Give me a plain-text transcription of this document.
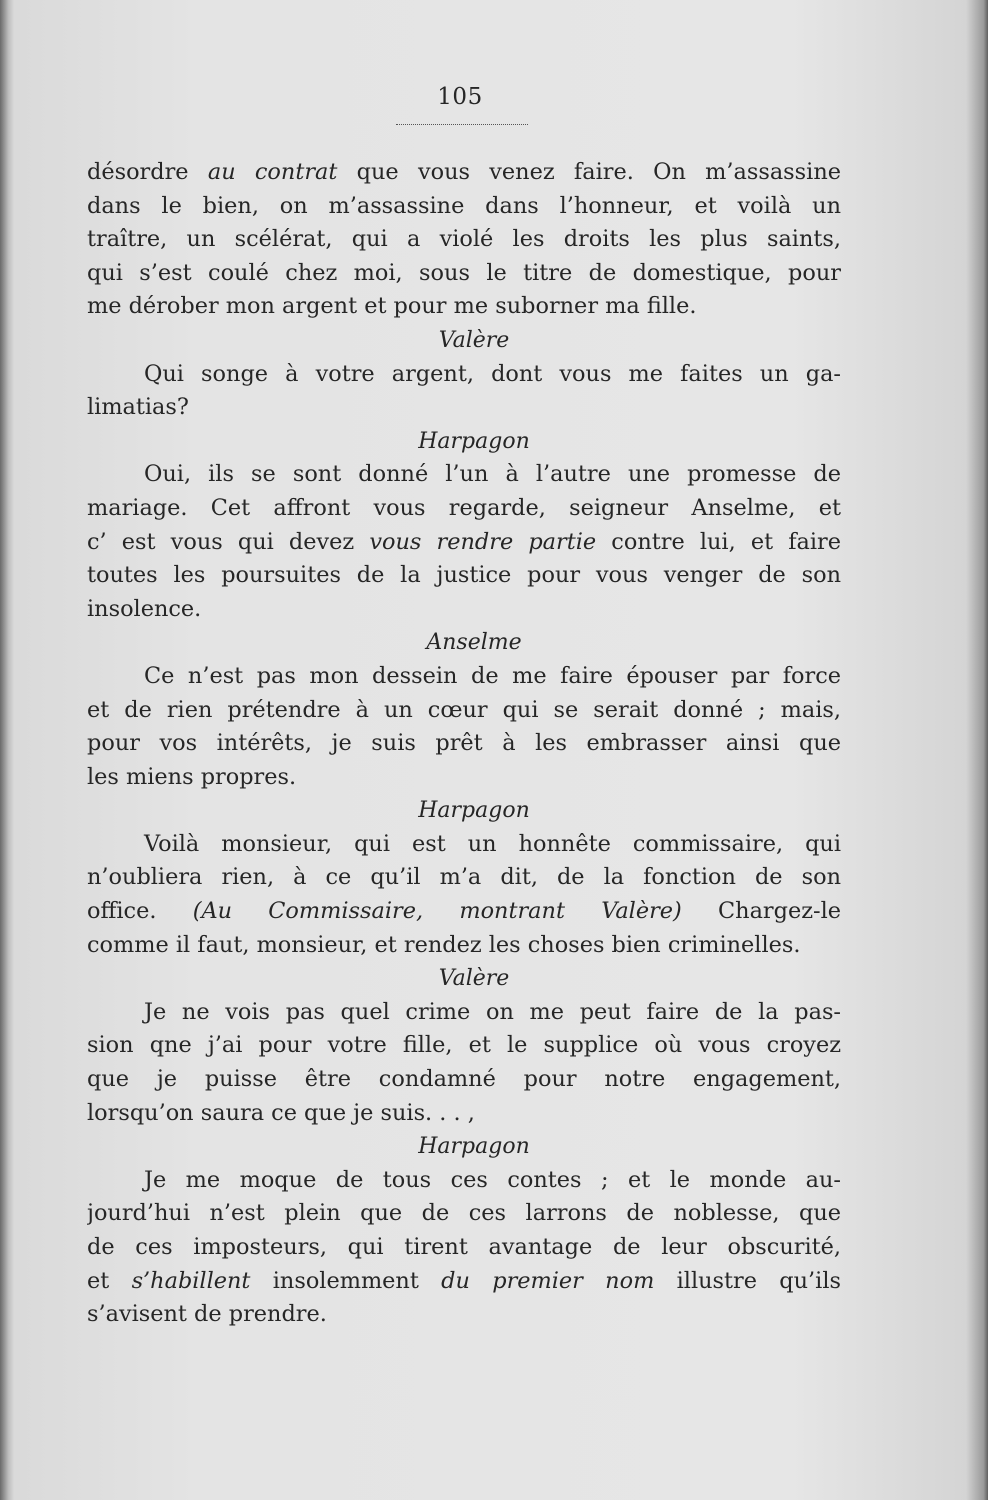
105
désordre au contrat que vous venez faire. On m’assassine
dans le bien, on m’assassine dans l’honneur, et voilà un
traître, un scélérat, qui a violé les droits les plus saints,
qui s’est coulé chez moi, sous le titre de domestique, pour
me dérober mon argent et pour me suborner ma fille.
Valère
Qui songe à votre argent, dont vous me faites un ga-
limatias?
Harpagon
Oui, ils se sont donné l’un à l’autre une promesse de
mariage. Cet affront vous regarde, seigneur Anselme, et
c’ est vous qui devez vous rendre partie contre lui, et faire
toutes les poursuites de la justice pour vous venger de son
insolence.
Anselme
Ce n’est pas mon dessein de me faire épouser par force
et de rien prétendre à un cœur qui se serait donné ; mais,
pour vos intérêts, je suis prêt à les embrasser ainsi que
les miens propres.
Harpagon
Voilà monsieur, qui est un honnête commissaire, qui
n’oubliera rien, à ce qu’il m’a dit, de la fonction de son
office. (Au Commissaire, montrant Valère) Chargez-le
comme il faut, monsieur, et rendez les choses bien criminelles.
Valère
Je ne vois pas quel crime on me peut faire de la pas-
sion qne j’ai pour votre fille, et le supplice où vous croyez
que je puisse être condamné pour notre engagement,
lorsqu’on saura ce que je suis. . . ,
Harpagon
Je me moque de tous ces contes ; et le monde au-
jourd’hui n’est plein que de ces larrons de noblesse, que
de ces imposteurs, qui tirent avantage de leur obscurité,
et s’habillent insolemment du premier nom illustre qu’ils
s’avisent de prendre.
